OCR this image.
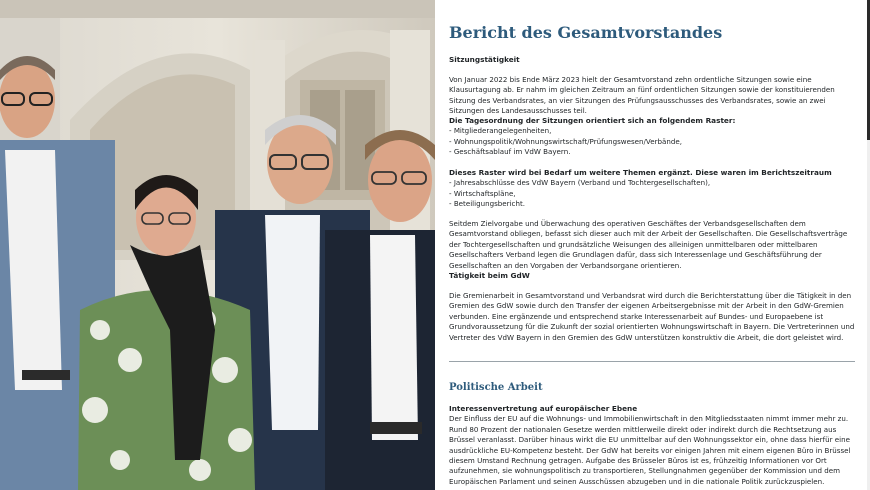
Bericht des Gesamtvorstandes

Sitzungstätigkeit

Von Januar 2022 bis Ende März 2023 hielt der Gesamtvorstand zehn ordentliche Sitzungen sowie eine Klausurtagung ab. Er nahm im gleichen Zeitraum an fünf ordentlichen Sitzungen sowie der konstituierenden Sitzung des Verbandsrates, an vier Sitzungen des Prüfungsausschusses des Verbandsrates, sowie an zwei Sitzungen des Landesausschusses teil.

Die Tagesordnung der Sitzungen orientiert sich an folgendem Raster:

- Mitgliederangelegenheiten,

- Wohnungspolitik/Wohnungswirtschaft/Prüfungswesen/Verbände,

- Geschäftsablauf im VdW Bayern.

Dieses Raster wird bei Bedarf um weitere Themen ergänzt. Diese waren im Berichtszeitraum

- Jahresabschlüsse des VdW Bayern (Verband und Tochtergesellschaften),

- Wirtschaftspläne,

- Beteiligungsbericht.

Seitdem Zielvorgabe und Überwachung des operativen Geschäftes der Verbandsgesellschaften dem Gesamtvorstand obliegen, befasst sich dieser auch mit der Arbeit der Gesellschaften. Die Gesellschaftsverträge der Tochtergesellschaften und grundsätzliche Weisungen des alleinigen unmittelbaren oder mittelbaren Gesellschafters Verband legen die Grundlagen dafür, dass sich Interessenlage und Geschäftsführung der Gesellschaften an den Vorgaben der Verbandsorgane orientieren.

Tätigkeit beim GdW

Die Gremienarbeit in Gesamtvorstand und Verbandsrat wird durch die Berichterstattung über die Tätigkeit in den Gremien des GdW sowie durch den Transfer der eigenen Arbeitsergebnisse mit der Arbeit in den GdW-Gremien verbunden. Eine ergänzende und entsprechend starke Interessenarbeit auf Bundes- und Europaebene ist Grundvoraussetzung für die Zukunft der sozial orientierten Wohnungswirtschaft in Bayern. Die Vertreterinnen und Vertreter des VdW Bayern in den Gremien des GdW unterstützen konstruktiv die Arbeit, die dort geleistet wird.

Politische Arbeit

Interessenvertretung auf europäischer Ebene

Der Einfluss der EU auf die Wohnungs- und Immobilienwirtschaft in den Mitgliedsstaaten nimmt immer mehr zu. Rund 80 Prozent der nationalen Gesetze werden mittlerweile direkt oder indirekt durch die Rechtsetzung aus Brüssel veranlasst. Darüber hinaus wirkt die EU unmittelbar auf den Wohnungssektor ein, ohne dass hierfür eine ausdrückliche EU-Kompetenz besteht. Der GdW hat bereits vor einigen Jahren mit einem eigenen Büro in Brüssel diesem Umstand Rechnung getragen. Aufgabe des Brüsseler Büros ist es, frühzeitig Informationen vor Ort aufzunehmen, sie wohnungspolitisch zu transportieren, Stellungnahmen gegenüber der Kommission und dem Europäischen Parlament und seinen Ausschüssen abzugeben und in die nationale Politik zurückzuspielen.
